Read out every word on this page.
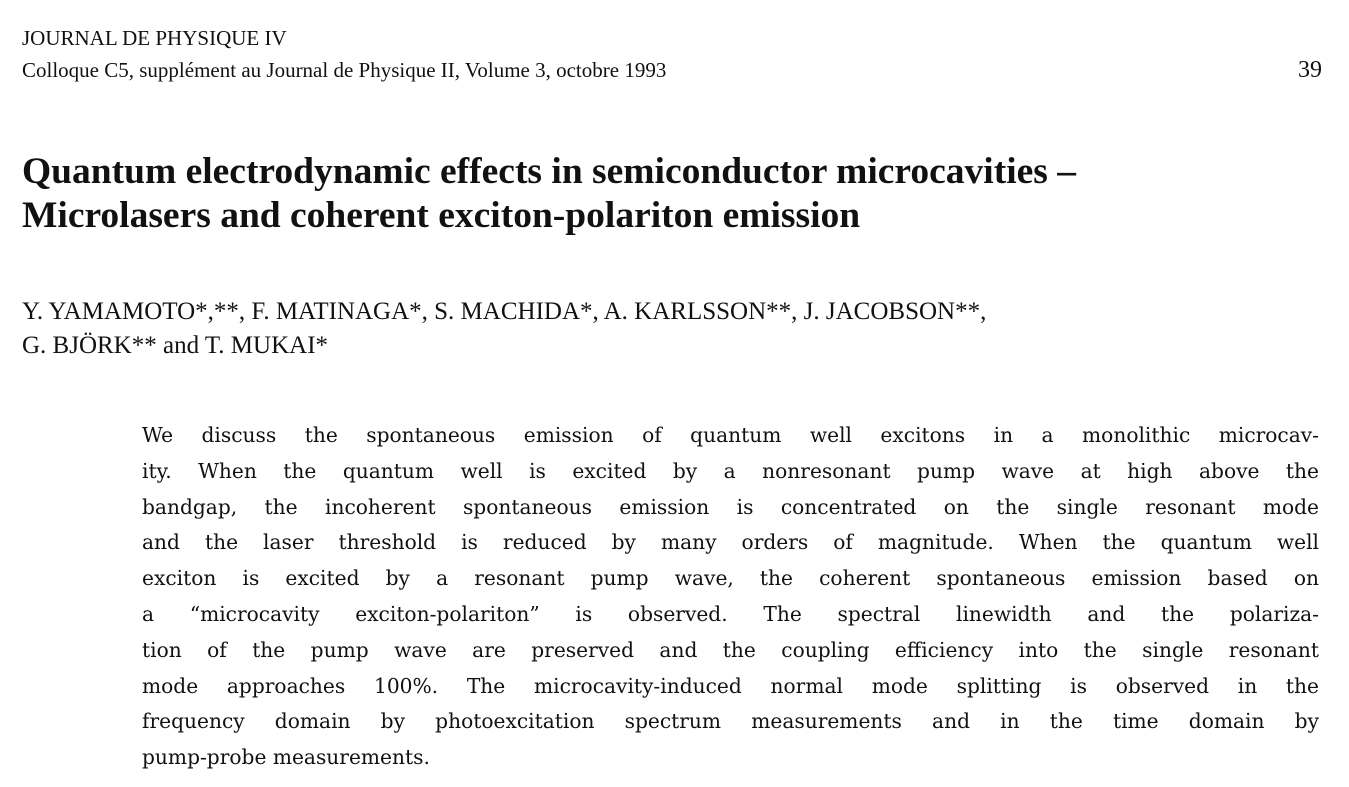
JOURNAL DE PHYSIQUE IV
Colloque C5, supplément au Journal de Physique II, Volume 3, octobre 1993	39
Quantum electrodynamic effects in semiconductor microcavities –
Microlasers and coherent exciton-polariton emission
Y. YAMAMOTO*,**, F. MATINAGA*, S. MACHIDA*, A. KARLSSON**, J. JACOBSON**,
G. BJÖRK** and T. MUKAI*

We discuss the spontaneous emission of quantum well excitons in a monolithic microcav-
ity. When the quantum well is excited by a nonresonant pump wave at high above the
bandgap, the incoherent spontaneous emission is concentrated on the single resonant mode
and the laser threshold is reduced by many orders of magnitude. When the quantum well
exciton is excited by a resonant pump wave, the coherent spontaneous emission based on
a “microcavity exciton-polariton” is observed. The spectral linewidth and the polariza-
tion of the pump wave are preserved and the coupling efficiency into the single resonant
mode approaches 100%. The microcavity-induced normal mode splitting is observed in the
frequency domain by photoexcitation spectrum measurements and in the time domain by
pump-probe measurements.
